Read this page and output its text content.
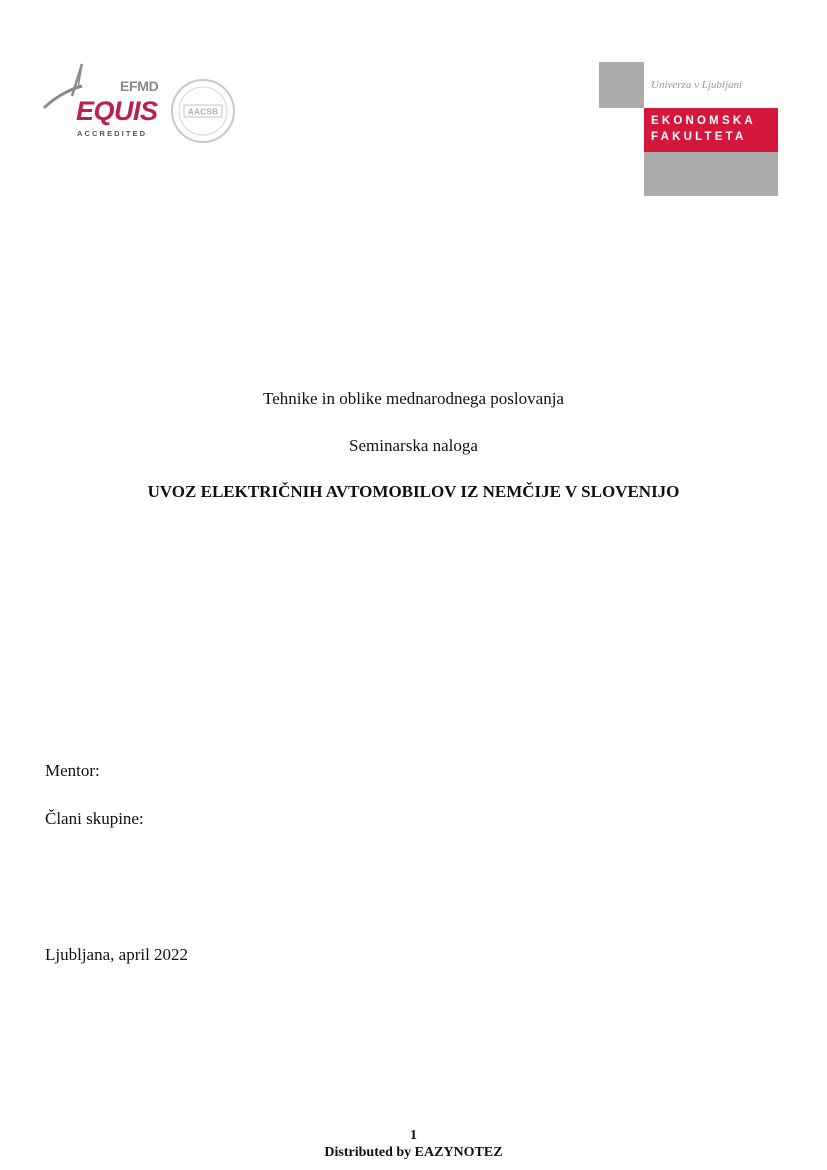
EFMD
EQUIS
ACCREDITED
AACSB
Univerza v Ljubljani
EKONOMSKA
FAKULTETA
Tehnike in oblike mednarodnega poslovanja
Seminarska naloga
UVOZ ELEKTRIČNIH AVTOMOBILOV IZ NEMČIJE V SLOVENIJO
Mentor:
Člani skupine:
Ljubljana, april 2022
1
Distributed by EAZYNOTEZ
